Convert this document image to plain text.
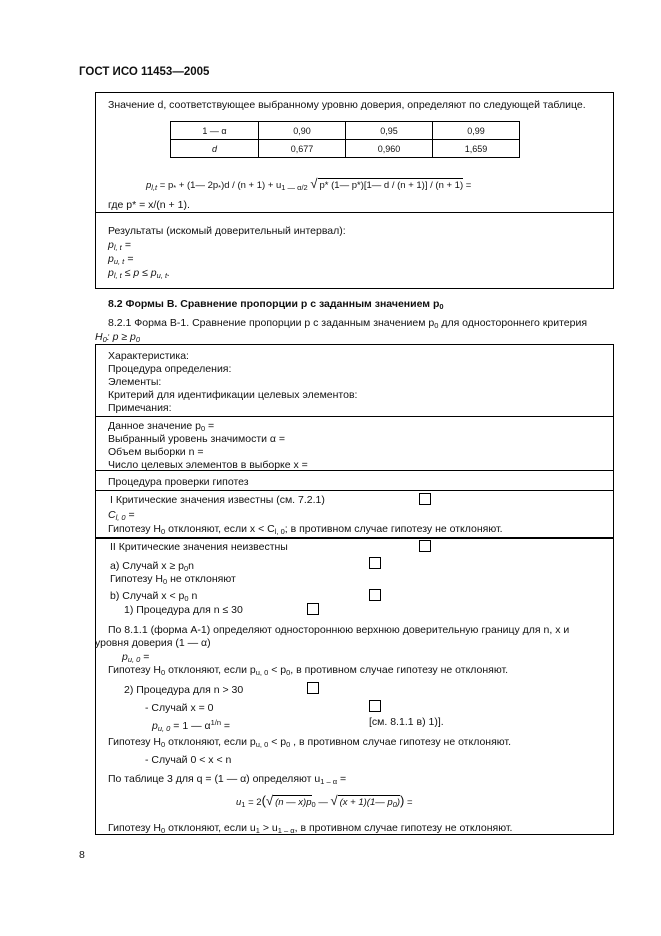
ГОСТ ИСО 11453—2005
Значение d, соответствующее выбранному уровню доверия, определяют по следующей таблице.
1 — α	0,90	0,95	0,99
d	0,677	0,960	1,659
$p_{l,t} = p_*$ + (1— $2p_*)d / (n + 1) + u_{1 — \alpha/2}$ √ p* (1— p*)[1— d / (n + 1)] / (n + 1) =
где p* = x/(n + 1).
Результаты (искомый доверительный интервал):
$p_{l, t}$ =
$p_{u, t}$ =
$p_{l, t} \le p \le p_{u, t}$.
8.2 Формы В. Сравнение пропорции p с заданным значением $p_0$
8.2.1 Форма В-1. Сравнение пропорции p с заданным значением $p_0$ для одностороннего критерия
$H_0$: $p \ge p_0$
Характеристика:
Процедура определения:
Элементы:
Критерий для идентификации целевых элементов:
Примечания:
Данное значение $p_0$ =
Выбранный уровень значимости α =
Объем выборки n =
Число целевых элементов в выборке x =
Процедура проверки гипотез
I Критические значения известны (см. 7.2.1)
$C_{l, 0}$ =
Гипотезу $H_0$ отклоняют, если $x < C_{l, 0}$; в противном случае гипотезу не отклоняют.
II Критические значения неизвестны
a) Случай $x \ge p_0n$
Гипотезу $H_0$ не отклоняют
b) Случай $x < p_0$ n
1) Процедура для n ≤ 30
По 8.1.1 (форма А-1) определяют одностороннюю верхнюю доверительную границу для n, x и
уровня доверия (1 — α)
$p_{u, 0}$ =
Гипотезу $H_0$ отклоняют, если $p_{u, 0} < p_0$, в противном случае гипотезу не отклоняют.
2) Процедура для n > 30
- Случай x = 0
$p_{u, 0} = 1$ — $\alpha^{1/n}$ =	[см. 8.1.1 в) 1)].
Гипотезу $H_0$ отклоняют, если $p_{u, 0} < p_0$ , в противном случае гипотезу не отклоняют.
- Случай 0 < x < n
По таблице 3 для q = (1 — α) определяют $u_{1 - \alpha}$ =
$u_1 = 2(√$ (n — $x)p_0$ — √ (x + 1)(1— $p_0$)) =
Гипотезу $H_0$ отклоняют, если $u_1 > u_{1 - \alpha}$, в противном случае гипотезу не отклоняют.
8
